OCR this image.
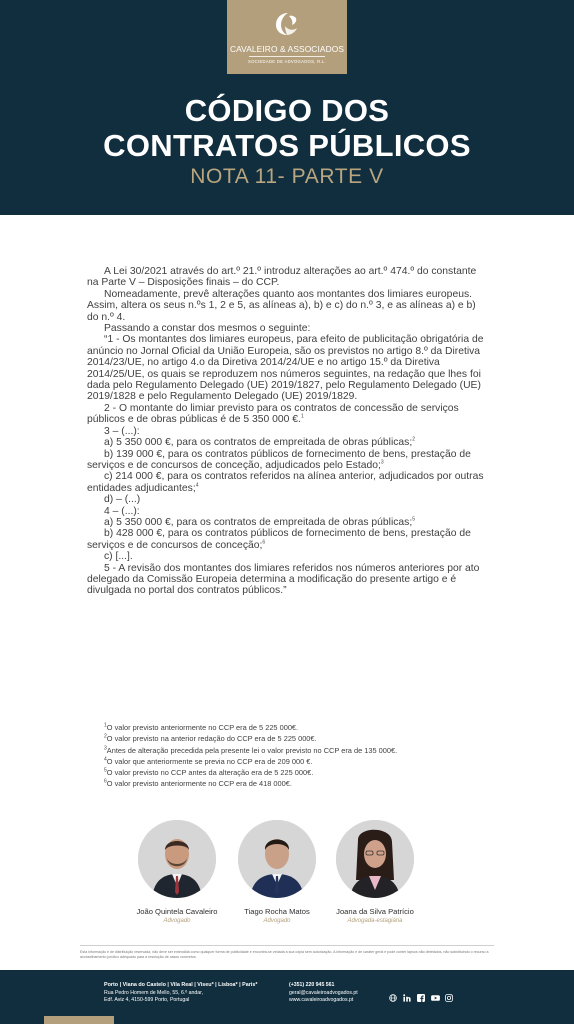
CAVALEIRO & ASSOCIADOS
SOCIEDADE DE ADVOGADOS, R.L.
CÓDIGO DOS
CONTRATOS PÚBLICOS
NOTA 11- PARTE V

A Lei 30/2021 através do art.º 21.º introduz alterações ao art.º 474.º do constante na Parte V – Disposições finais – do CCP.

Nomeadamente, prevê alterações quanto aos montantes dos limiares europeus. Assim, altera os seus n.ºs 1, 2 e 5, as alíneas a), b) e c) do n.º 3, e as alíneas a) e b) do n.º 4.

Passando a constar dos mesmos o seguinte:

“1 - Os montantes dos limiares europeus, para efeito de publicitação obrigatória de anúncio no Jornal Oficial da União Europeia, são os previstos no artigo 8.º da Diretiva 2014/23/UE, no artigo 4.o da Diretiva 2014/24/UE e no artigo 15.º da Diretiva 2014/25/UE, os quais se reproduzem nos números seguintes, na redação que lhes foi dada pelo Regulamento Delegado (UE) 2019/1827, pelo Regulamento Delegado (UE) 2019/1828 e pelo Regulamento Delegado (UE) 2019/1829.

2 - O montante do limiar previsto para os contratos de concessão de serviços públicos e de obras públicas é de 5 350 000 €.$^1$

3 – (...):

a) 5 350 000 €, para os contratos de empreitada de obras públicas;$^2$

b) 139 000 €, para os contratos públicos de fornecimento de bens, prestação de serviços e de concursos de conceção, adjudicados pelo Estado;$^3$

c) 214 000 €, para os contratos referidos na alínea anterior, adjudicados por outras entidades adjudicantes;$^4$

d) – (...)

4 – (...):

a) 5 350 000 €, para os contratos de empreitada de obras públicas;$^5$

b) 428 000 €, para os contratos públicos de fornecimento de bens, prestação de serviços e de concursos de conceção;$^6$

c) [...].

5 - A revisão dos montantes dos limiares referidos nos números anteriores por ato delegado da Comissão Europeia determina a modificação do presente artigo e é divulgada no portal dos contratos públicos.”

$^1$O valor previsto anteriormente no CCP era de 5 225 000€.
$^2$O valor previsto na anterior redação do CCP era de 5 225 000€.
$^3$Antes de alteração precedida pela presente lei o valor previsto no CCP era de 135 000€.
$^4$O valor que anteriormente se previa no CCP era de 209 000 €.
$^5$O valor previsto no CCP antes da alteração era de 5 225 000€.
$^6$O valor previsto anteriormente no CCP era de 418 000€.
João Quintela Cavaleiro
Advogado
Tiago Rocha Matos
Advogado
Joana da Silva Patrício
Advogada-estagiária
Esta informação é de distribuição reservada, não deve ser entendida como qualquer forma de publicidade e encontra-se vedada a sua cópia sem autorização. A informação é de caráter geral e pode conter lapsos não detetados, não substituindo o recurso a aconselhamento jurídico adequado para a resolução de casos concretos.
Porto | Viana do Castelo | Vila Real | Viseu* | Lisboa* | Paris*
Rua Pedro Homem de Mello, 55, 6.º andar,
Edf. Aviz 4, 4150-599 Porto, Portugal
(+351) 220 945 561
geral@cavaleiroadvogados.pt
www.cavaleiroadvogados.pt
